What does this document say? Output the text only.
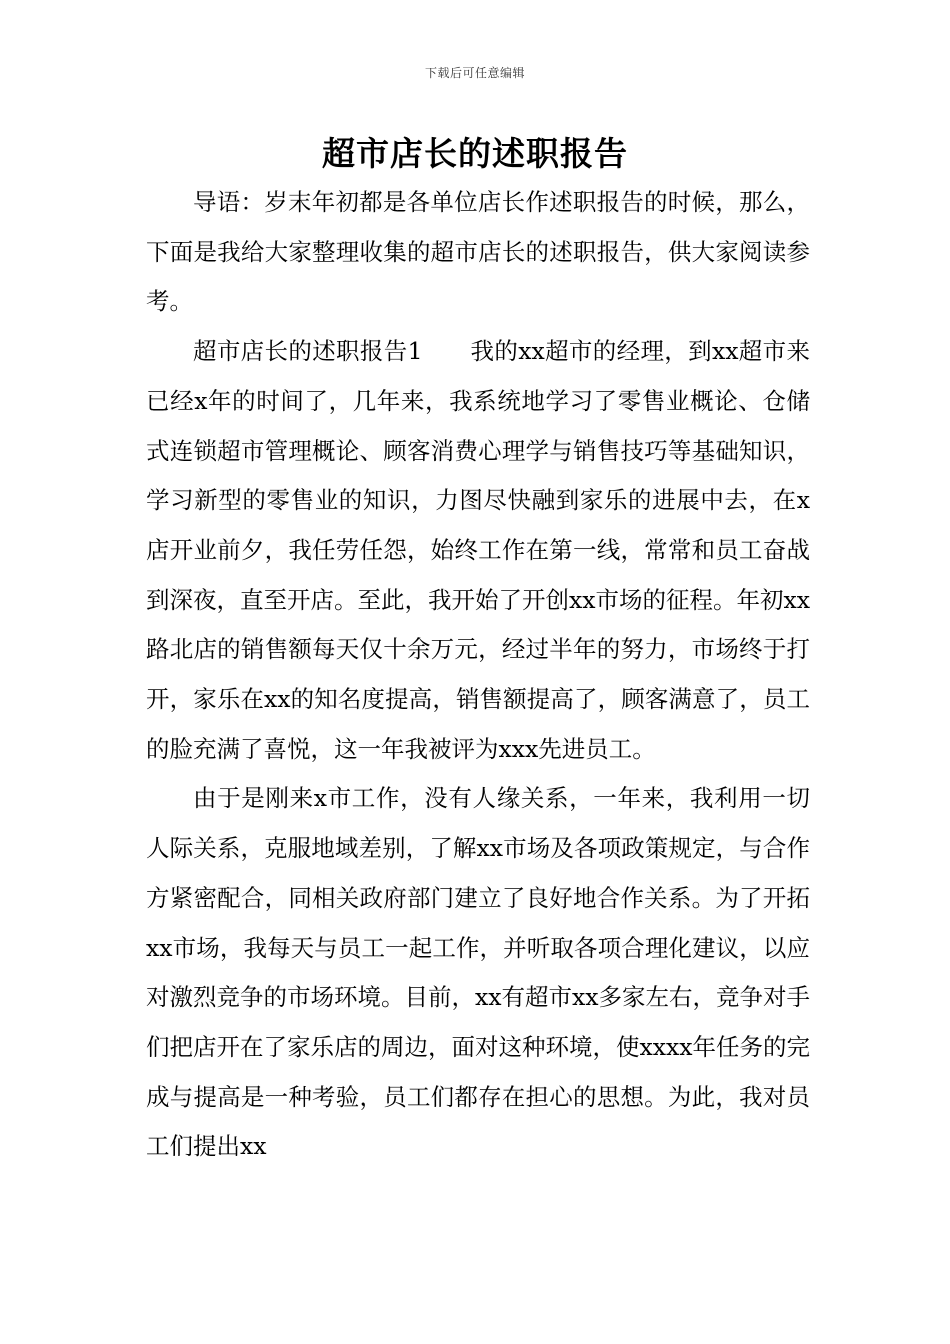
下载后可任意编辑
超市店长的述职报告

导语：岁末年初都是各单位店长作述职报告的时候，那么，下面是我给大家整理收集的超市店长的述职报告，供大家阅读参考。

超市店长的述职报告1　　我的xx超市的经理，到xx超市来已经x年的时间了，几年来，我系统地学习了零售业概论、仓储式连锁超市管理概论、顾客消费心理学与销售技巧等基础知识，学习新型的零售业的知识，力图尽快融到家乐的进展中去，在x店开业前夕，我任劳任怨，始终工作在第一线，常常和员工奋战到深夜，直至开店。至此，我开始了开创xx市场的征程。年初xx路北店的销售额每天仅十余万元，经过半年的努力，市场终于打开，家乐在xx的知名度提高，销售额提高了，顾客满意了，员工的脸充满了喜悦，这一年我被评为xxx先进员工。

由于是刚来x市工作，没有人缘关系，一年来，我利用一切人际关系，克服地域差别，了解xx市场及各项政策规定，与合作方紧密配合，同相关政府部门建立了良好地合作关系。为了开拓xx市场，我每天与员工一起工作，并听取各项合理化建议，以应对激烈竞争的市场环境。目前，xx有超市xx多家左右，竞争对手们把店开在了家乐店的周边，面对这种环境，使xxxx年任务的完成与提高是一种考验，员工们都存在担心的思想。为此，我对员工们提出xx
